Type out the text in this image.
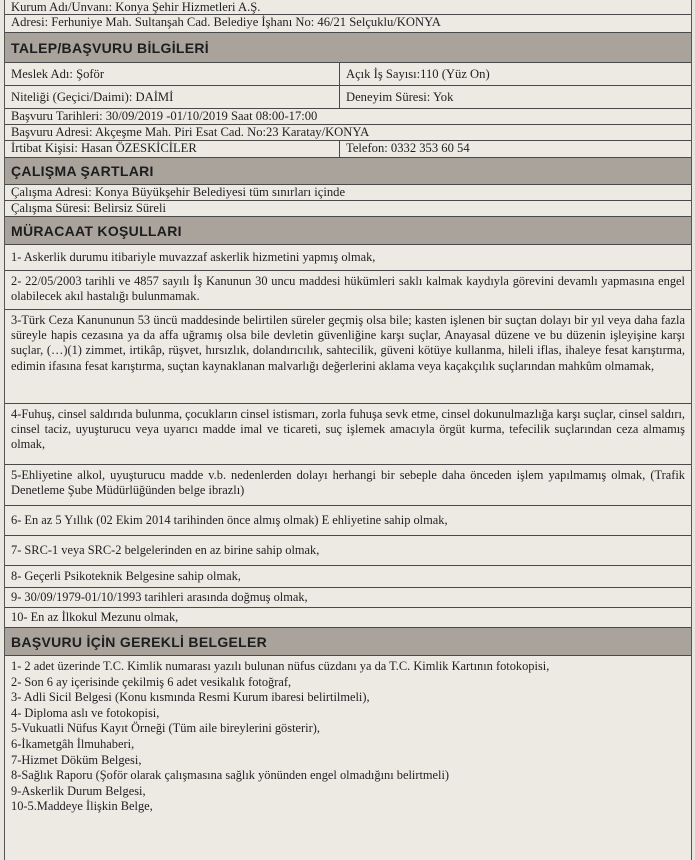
Kurum Adı/Unvanı: Konya Şehir Hizmetleri A.Ş.
Adresi: Ferhuniye Mah. Sultanşah Cad. Belediye İşhanı No: 46/21 Selçuklu/KONYA
TALEP/BAŞVURU BİLGİLERİ
Meslek Adı: Şoför	Açık İş Sayısı:110 (Yüz On)
Niteliği (Geçici/Daimi): DAİMİ	Deneyim Süresi: Yok
Başvuru Tarihleri: 30/09/2019 -01/10/2019 Saat 08:00-17:00
Başvuru Adresi: Akçeşme Mah. Piri Esat Cad. No:23 Karatay/KONYA
İrtibat Kişisi: Hasan ÖZESKİCİLER	Telefon: 0332 353 60 54
ÇALIŞMA ŞARTLARI
Çalışma Adresi: Konya Büyükşehir Belediyesi tüm sınırları içinde
Çalışma Süresi: Belirsiz Süreli
MÜRACAAT KOŞULLARI
1- Askerlik durumu itibariyle muvazzaf askerlik hizmetini yapmış olmak,
2- 22/05/2003 tarihli ve 4857 sayılı İş Kanunun 30 uncu maddesi hükümleri saklı kalmak kaydıyla görevini devamlı yapmasına engel olabilecek akıl hastalığı bulunmamak.
3-Türk Ceza Kanununun 53 üncü maddesinde belirtilen süreler geçmiş olsa bile; kasten işlenen bir suçtan dolayı bir yıl veya daha fazla süreyle hapis cezasına ya da affa uğramış olsa bile devletin güvenliğine karşı suçlar, Anayasal düzene ve bu düzenin işleyişine karşı suçlar, (…)(1) zimmet, irtikâp, rüşvet, hırsızlık, dolandırıcılık, sahtecilik, güveni kötüye kullanma, hileli iflas, ihaleye fesat karıştırma, edimin ifasına fesat karıştırma, suçtan kaynaklanan malvarlığı değerlerini aklama veya kaçakçılık suçlarından mahkûm olmamak,
4-Fuhuş, cinsel saldırıda bulunma, çocukların cinsel istismarı, zorla fuhuşa sevk etme, cinsel dokunulmazlığa karşı suçlar, cinsel saldırı, cinsel taciz, uyuşturucu veya uyarıcı madde imal ve ticareti, suç işlemek amacıyla örgüt kurma, tefecilik suçlarından ceza almamış olmak,
5-Ehliyetine alkol, uyuşturucu madde v.b. nedenlerden dolayı herhangi bir sebeple daha önceden işlem yapılmamış olmak, (Trafik Denetleme Şube Müdürlüğünden belge ibrazlı)
6- En az 5 Yıllık (02 Ekim 2014 tarihinden önce almış olmak) E ehliyetine sahip olmak,
7- SRC-1 veya SRC-2 belgelerinden en az birine sahip olmak,
8- Geçerli Psikoteknik Belgesine sahip olmak,
9- 30/09/1979-01/10/1993 tarihleri arasında doğmuş olmak,
10- En az İlkokul Mezunu olmak,
BAŞVURU İÇİN GEREKLİ BELGELER
1- 2 adet üzerinde T.C. Kimlik numarası yazılı bulunan nüfus cüzdanı ya da T.C. Kimlik Kartının fotokopisi,
2- Son 6 ay içerisinde çekilmiş 6 adet vesikalık fotoğraf,
3- Adli Sicil Belgesi (Konu kısmında Resmi Kurum ibaresi belirtilmeli),
4- Diploma aslı ve fotokopisi,
5-Vukuatli Nüfus Kayıt Örneği (Tüm aile bireylerini gösterir),
6-İkametgâh İlmuhaberi,
7-Hizmet Döküm Belgesi,
8-Sağlık Raporu (Şoför olarak çalışmasına sağlık yönünden engel olmadığını belirtmeli)
9-Askerlik Durum Belgesi,
10-5.Maddeye İlişkin Belge,
